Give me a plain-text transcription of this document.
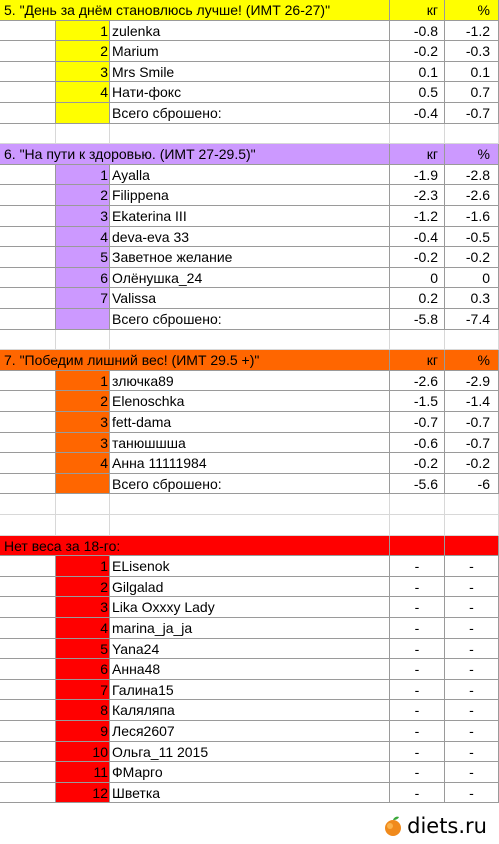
5. "День за днём становлюсь лучше! (ИМТ 26-27)"	кг	%
1 zulenka	-0.8	-1.2
2 Marium	-0.2	-0.3
3 Mrs Smile	0.1	0.1
4 Нати-фокс	0.5	0.7
Всего сброшено:	-0.4	-0.7
6. "На пути к здоровью. (ИМТ 27-29.5)"	кг	%
1 Ayalla	-1.9	-2.8
2 Filippena	-2.3	-2.6
3 Ekaterina III	-1.2	-1.6
4 deva-eva 33	-0.4	-0.5
5 Заветное желание	-0.2	-0.2
6 Олёнушка_24	0	0
7 Valissa	0.2	0.3
Всего сброшено:	-5.8	-7.4
7. "Победим лишний вес! (ИМТ 29.5 +)"	кг	%
1 злючка89	-2.6	-2.9
2 Elenoschka	-1.5	-1.4
3 fett-dama	-0.7	-0.7
3 танюшшша	-0.6	-0.7
4 Анна 11111984	-0.2	-0.2
Всего сброшено:	-5.6	-6
Нет веса за 18-го:
1 ELisenok	-	-
2 Gilgalad	-	-
3 Lika Oxxxy Lady	-	-
4 marina_ja_ja	-	-
5 Yana24	-	-
6 Анна48	-	-
7 Галина15	-	-
8 Каляляпа	-	-
9 Леся2607	-	-
10 Ольга_11 2015	-	-
11 ФМарго	-	-
12 Шветка	-	-
diets.ru
